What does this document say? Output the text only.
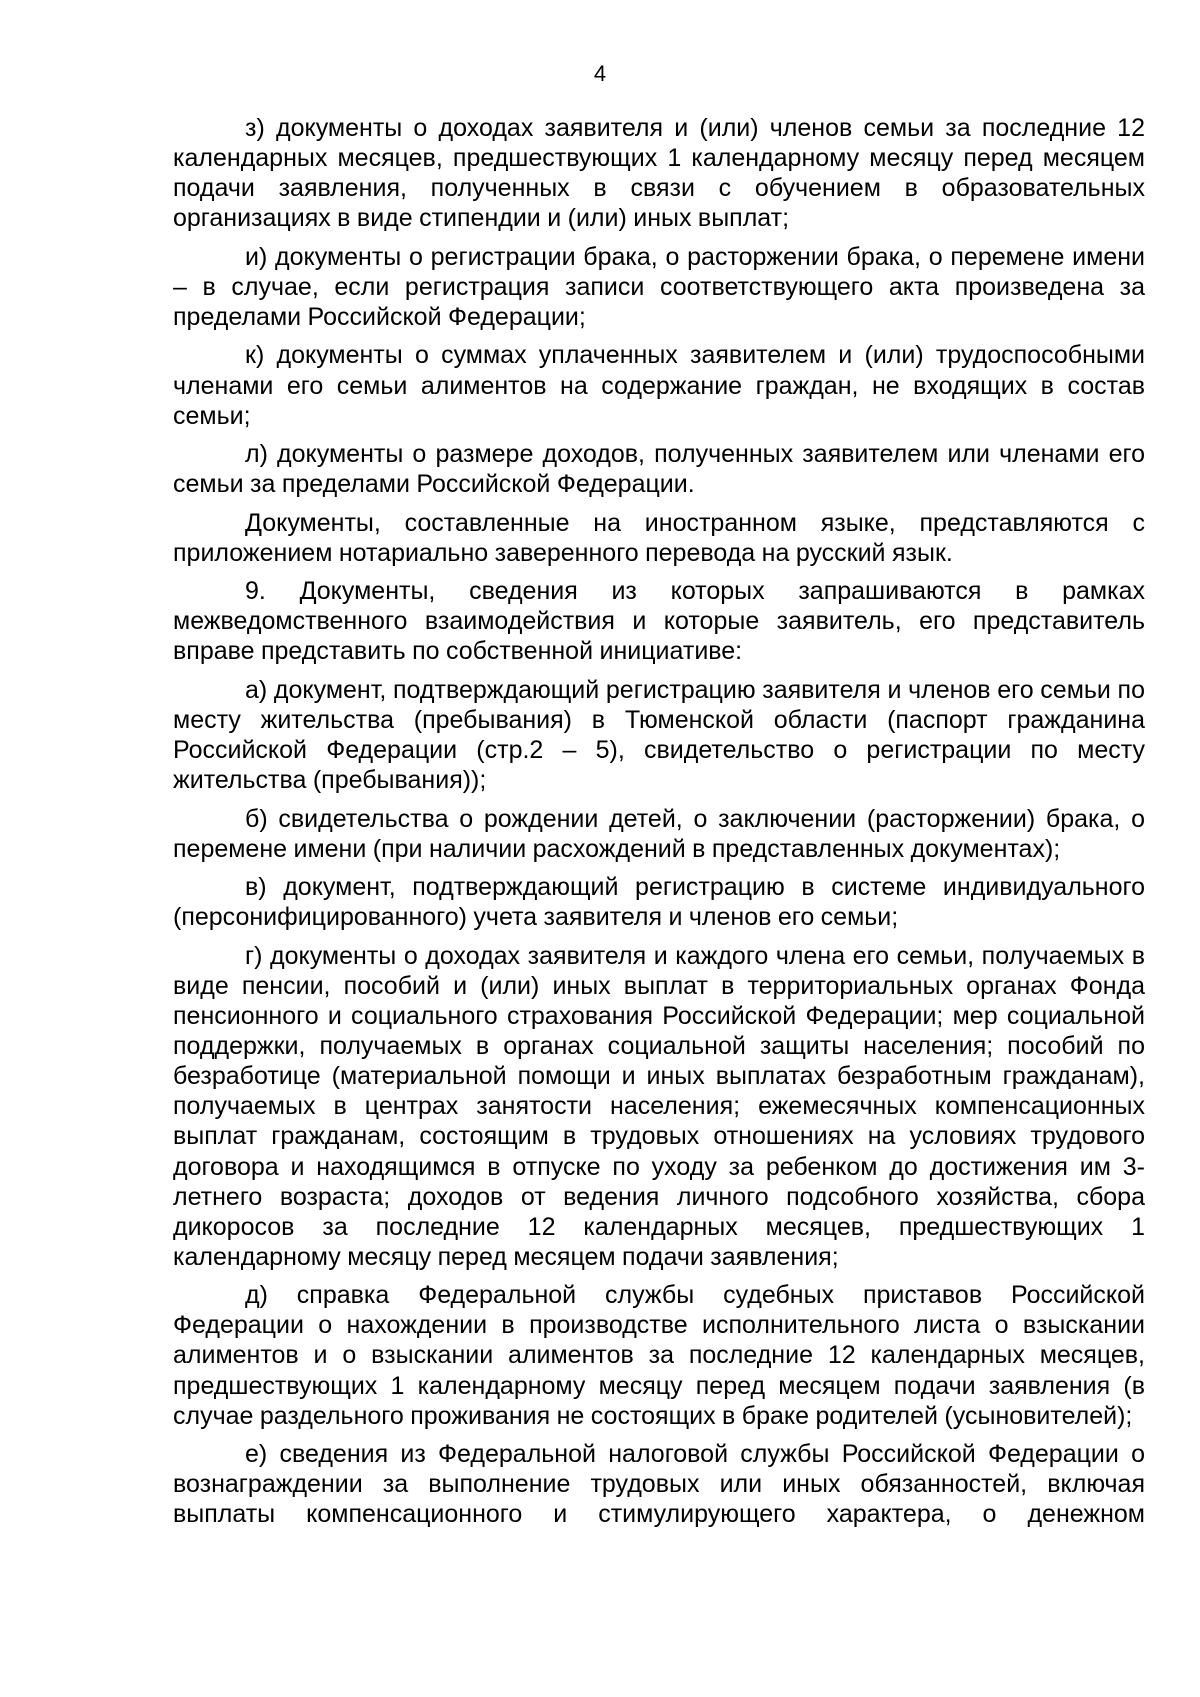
4

з) документы о доходах заявителя и (или) членов семьи за последние 12 календарных месяцев, предшествующих 1 календарному месяцу перед месяцем подачи заявления, полученных в связи с обучением в образовательных организациях в виде стипендии и (или) иных выплат;

и) документы о регистрации брака, о расторжении брака, о перемене имени – в случае, если регистрация записи соответствующего акта произведена за пределами Российской Федерации;

к) документы о суммах уплаченных заявителем и (или) трудоспособными членами его семьи алиментов на содержание граждан, не входящих в состав семьи;

л) документы о размере доходов, полученных заявителем или членами его семьи за пределами Российской Федерации.

Документы, составленные на иностранном языке, представляются с приложением нотариально заверенного перевода на русский язык.

9. Документы, сведения из которых запрашиваются в рамках межведомственного взаимодействия и которые заявитель, его представитель вправе представить по собственной инициативе:

а) документ, подтверждающий регистрацию заявителя и членов его семьи по месту жительства (пребывания) в Тюменской области (паспорт гражданина Российской Федерации (стр.2 – 5), свидетельство о регистрации по месту жительства (пребывания));

б) свидетельства о рождении детей, о заключении (расторжении) брака, о перемене имени (при наличии расхождений в представленных документах);

в) документ, подтверждающий регистрацию в системе индивидуального (персонифицированного) учета заявителя и членов его семьи;

г) документы о доходах заявителя и каждого члена его семьи, получаемых в виде пенсии, пособий и (или) иных выплат в территориальных органах Фонда пенсионного и социального страхования Российской Федерации; мер социальной поддержки, получаемых в органах социальной защиты населения; пособий по безработице (материальной помощи и иных выплатах безработным гражданам), получаемых в центрах занятости населения; ежемесячных компенсационных выплат гражданам, состоящим в трудовых отношениях на условиях трудового договора и находящимся в отпуске по уходу за ребенком до достижения им 3-летнего возраста; доходов от ведения личного подсобного хозяйства, сбора дикоросов за последние 12 календарных месяцев, предшествующих 1 календарному месяцу перед месяцем подачи заявления;

д) справка Федеральной службы судебных приставов Российской Федерации о нахождении в производстве исполнительного листа о взыскании алиментов и о взыскании алиментов за последние 12 календарных месяцев, предшествующих 1 календарному месяцу перед месяцем подачи заявления (в случае раздельного проживания не состоящих в браке родителей (усыновителей);

е) сведения из Федеральной налоговой службы Российской Федерации о вознаграждении за выполнение трудовых или иных обязанностей, включая выплаты компенсационного и стимулирующего характера, о денежном
